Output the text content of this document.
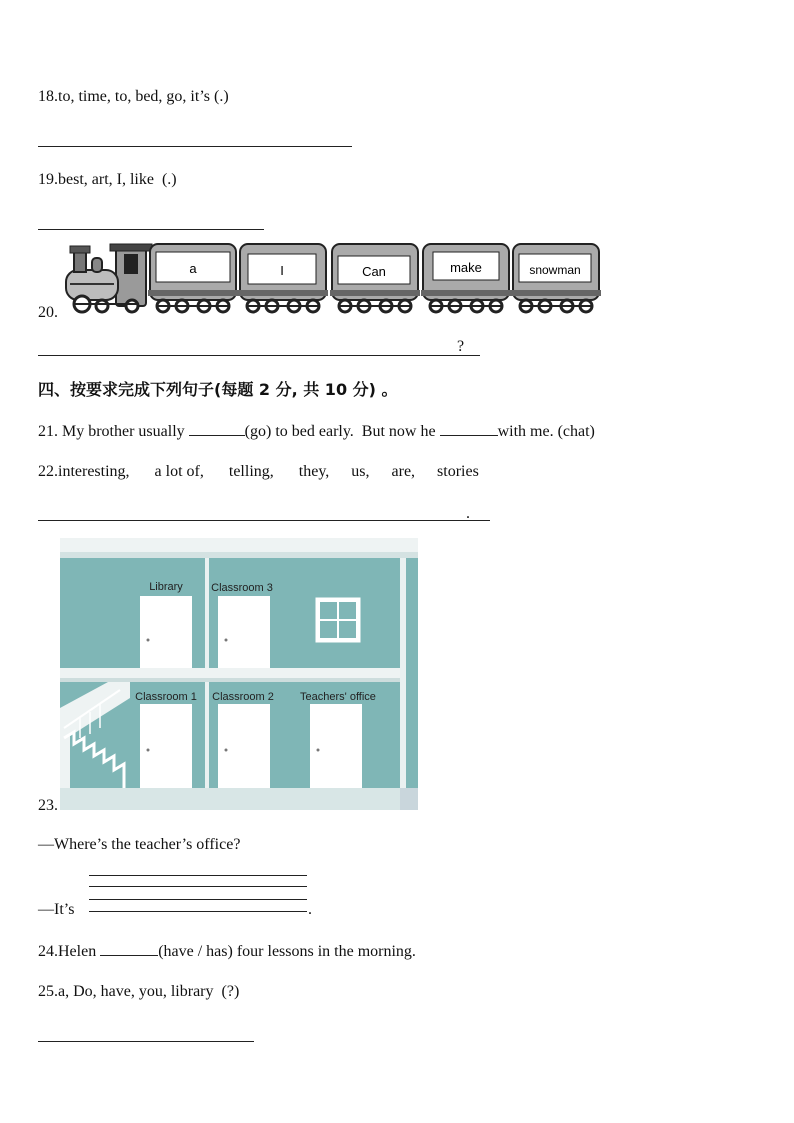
18.to, time, to, bed, go, it’s (.)
19.best, art, I, like  (.)
20.
a	I	Can	make	snowman
?
四、按要求完成下列句子(每题 2 分, 共 10 分) 。
21. My brother usually	(go) to bed early.  But now he	with me. (chat)
22.interesting, a lot of, telling, they, us, are, stories
.
Library	Classroom 3
Classroom 1 Classroom 2 Teachers' office
23.
—Where’s the teacher’s office?
—It’s	.
24.Helen	(have / has) four lessons in the morning.
25.a, Do, have, you, library  (?)
